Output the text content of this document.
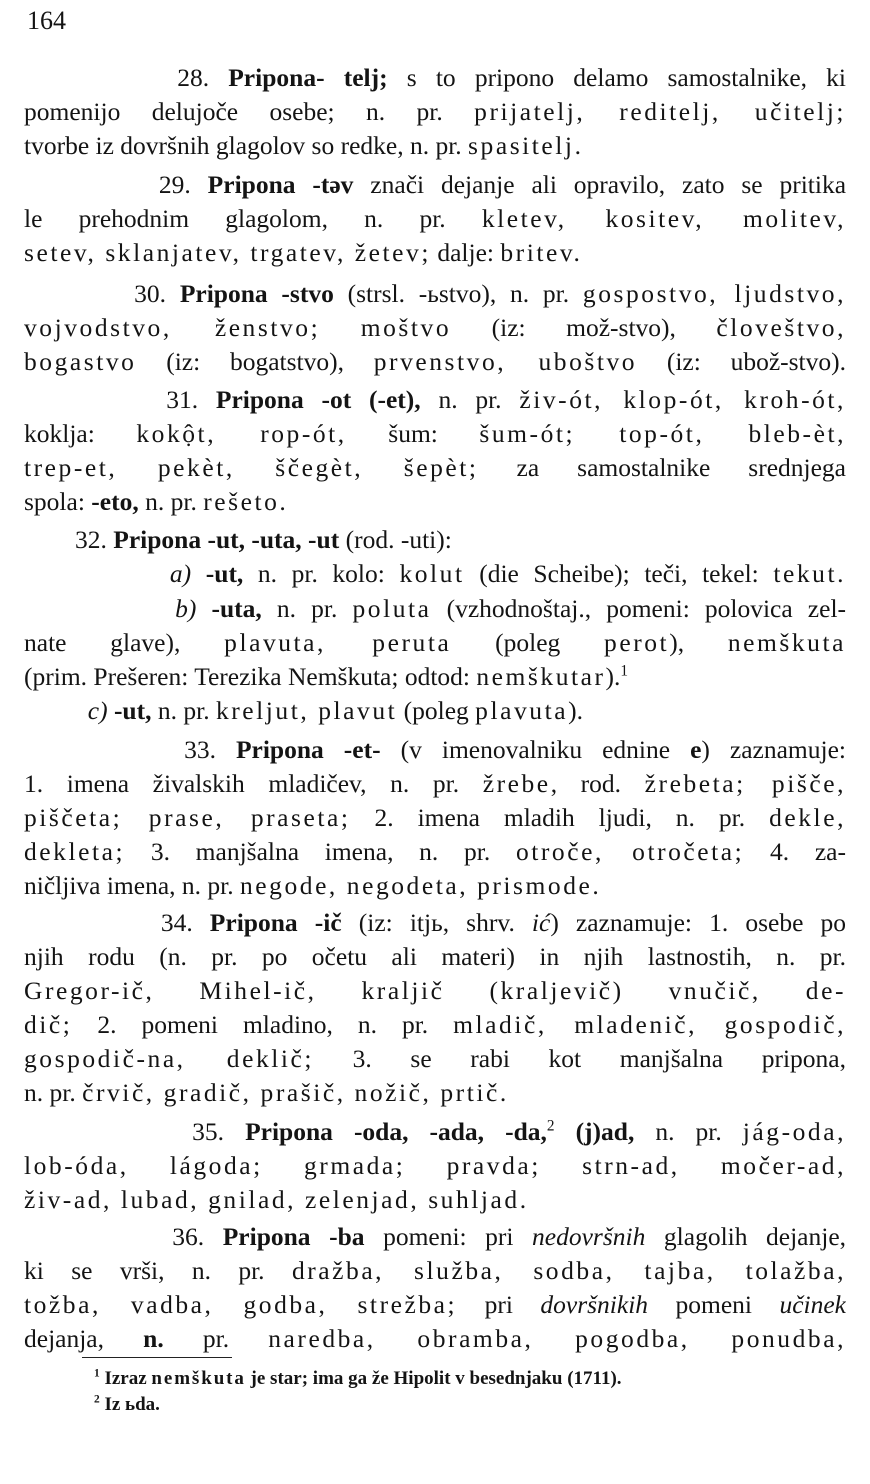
164
28. Pripona- telj; s to pripono delamo samostalnike, ki
pomenijo delujoče osebe; n. pr. prijatelj, reditelj, učitelj;
tvorbe iz dovršnih glagolov so redke, n. pr. spasitelj.
29. Pripona -təv znači dejanje ali opravilo, zato se pritika
le prehodnim glagolom, n. pr. kletev, kositev, molitev,
setev, sklanjatev, trgatev, žetev; dalje: britev.
30. Pripona -stvo (strsl. -ьstvo), n. pr. gospostvo, ljudstvo,
vojvodstvo, ženstvo; moštvo (iz: mož-stvo), človeštvo,
bogastvo (iz: bogatstvo), prvenstvo, uboštvo (iz: ubož-stvo).
31. Pripona -ot (-et), n. pr. živ-ót, klop-ót, kroh-ót,
koklja: kokột, rop-ót, šum: šum-ót; top-ót, bleb-èt,
trep-et, pekèt, ščegèt, šepèt; za samostalnike srednjega
spola: -eto, n. pr. rešeto.
32. Pripona -ut, -uta, -ut (rod. -uti):
a) -ut, n. pr. kolo: kolut (die Scheibe); teči, tekel: tekut.
b) -uta, n. pr. poluta (vzhodnoštaj., pomeni: polovica zel-
nate glave), plavuta, peruta (poleg perot), nemškuta
(prim. Prešeren: Terezika Nemškuta; odtod: nemškutar).$^1$
c) -ut, n. pr. kreljut, plavut (poleg plavuta).
33. Pripona -et- (v imenovalniku ednine e) zaznamuje:
1. imena živalskih mladičev, n. pr. žrebe, rod. žrebeta; pišče,
piščeta; prase, praseta; 2. imena mladih ljudi, n. pr. dekle,
dekleta; 3. manjšalna imena, n. pr. otroče, otročeta; 4. za-
ničljiva imena, n. pr. negode, negodeta, prismode.
34. Pripona -ič (iz: itjь, shrv. ić) zaznamuje: 1. osebe po
njih rodu (n. pr. po očetu ali materi) in njih lastnostih, n. pr.
Gregor-ič, Mihel-ič, kraljič (kraljevič) vnučič, de-
dič; 2. pomeni mladino, n. pr. mladič, mladenič, gospodič,
gospodič-na, deklič; 3. se rabi kot manjšalna pripona,
n. pr. črvič, gradič, prašič, nožič, prtič.
35. Pripona -oda, -ada, -da,$^2$ (j)ad, n. pr. jág-oda,
lob-óda, lágoda; grmada; pravda; strn-ad, močer-ad,
živ-ad, lubad, gnilad, zelenjad, suhljad.
36. Pripona -ba pomeni: pri nedovršnih glagolih dejanje,
ki se vrši, n. pr. dražba, služba, sodba, tajba, tolažba,
tožba, vadba, godba, strežba; pri dovršnikih pomeni učinek
dejanja, n. pr. naredba, obramba, pogodba, ponudba,
$^1$ Izraz nemškuta je star; ima ga že Hipolit v besednjaku (1711).
$^2$ Iz ьda.
